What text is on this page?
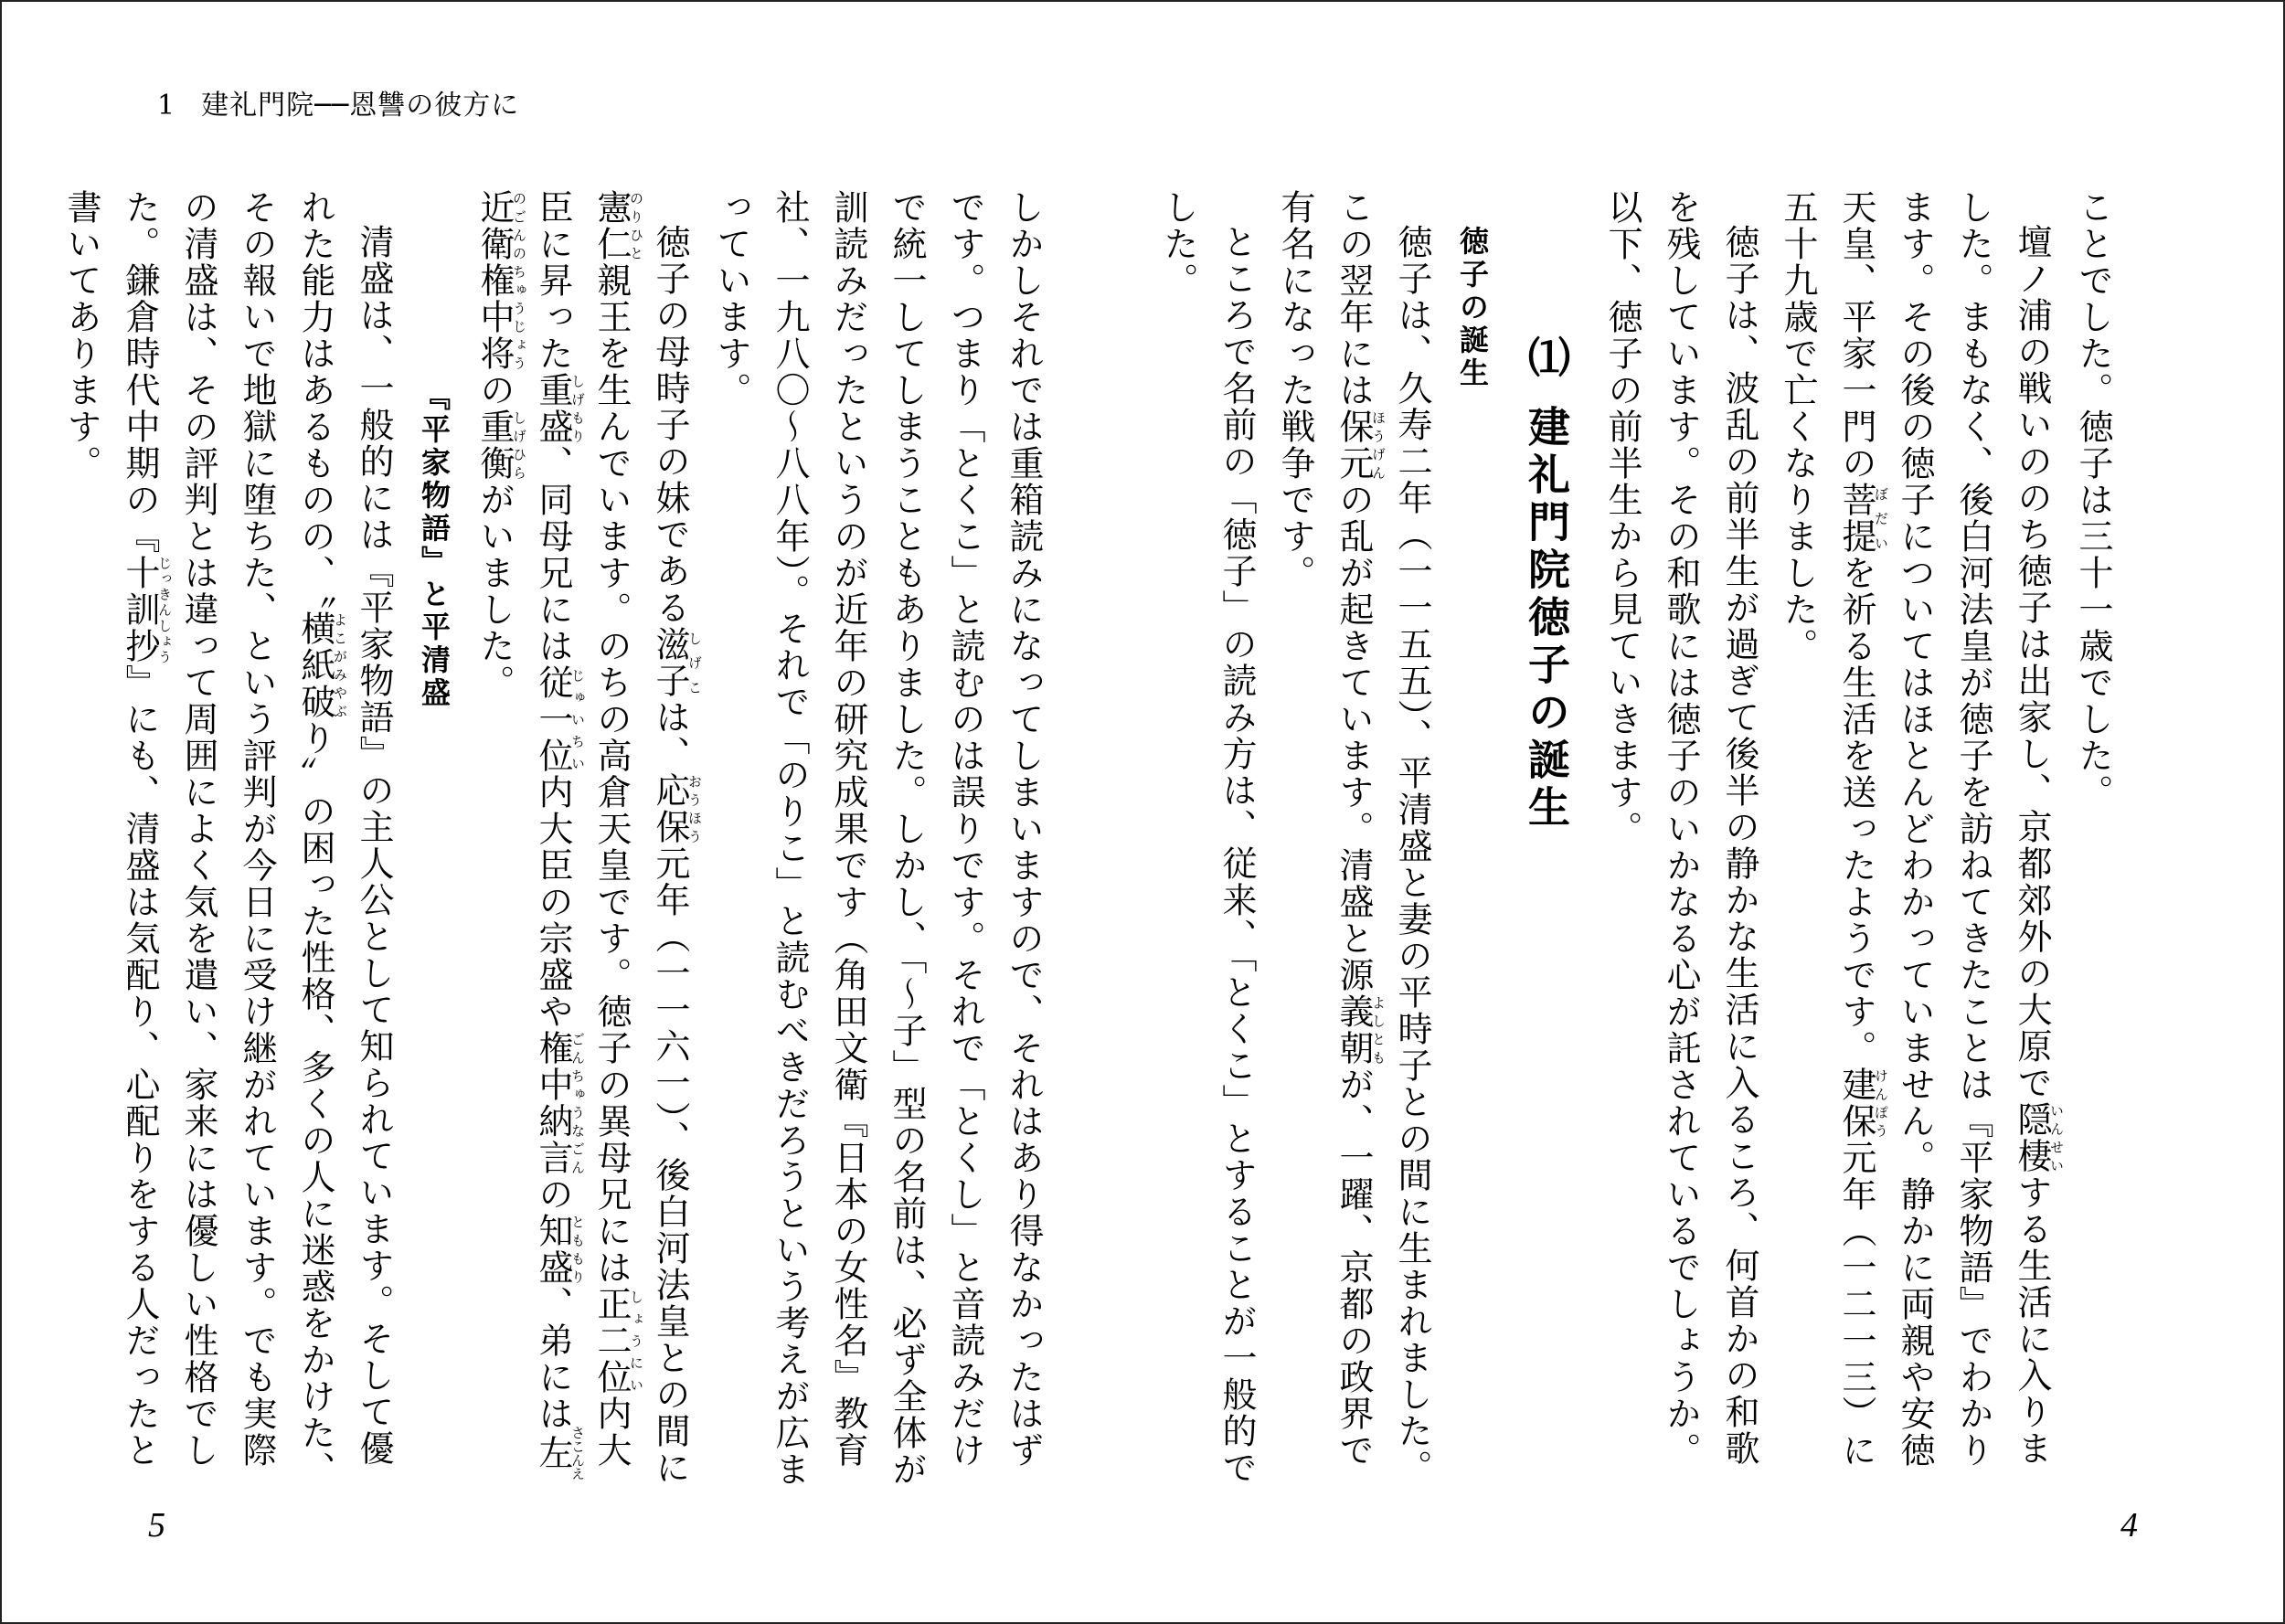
1 建礼門院──恩讐の彼方に

ことでした。徳子は三十一歳でした。

壇ノ浦の戦いののち徳子は出家し、京都郊外の大原で隠棲いんせいする生活に入りました。まもなく、後白河法皇が徳子を訪ねてきたことは『平家物語』でわかります。その後の徳子についてはほとんどわかっていません。静かに両親や安徳天皇、平家一門の菩提ぼだいを祈る生活を送ったようです。建保けんぽう元年（一二一三）に五十九歳で亡くなりました。

徳子は、波乱の前半生が過ぎて後半の静かな生活に入るころ、何首かの和歌を残しています。その和歌には徳子のいかなる心が託されているでしょうか。以下、徳子の前半生から見ていきます。

⑴建礼門院徳子の誕生
徳子の誕生

徳子は、久寿二年（一一五五）、平清盛と妻の平時子との間に生まれました。この翌年には保元ほうげんの乱が起きています。清盛と源義朝よしともが、一躍、京都の政界で有名になった戦争です。

ところで名前の「徳子」の読み方は、従来、「とくこ」とすることが一般的でした。

しかしそれでは重箱読みになってしまいますので、それはあり得なかったはずです。つまり「とくこ」と読むのは誤りです。それで「とくし」と音読みだけで統一してしまうこともありました。しかし、「〜子」型の名前は、必ず全体が訓読みだったというのが近年の研究成果です（角田文衛『日本の女性名』教育社、一九八〇〜八八年）。それで「のりこ」と読むべきだろうという考えが広まっています。

徳子の母時子の妹である滋子しげこは、応保おうほう元年（一一六一）、後白河法皇との間に憲仁のりひと親王を生んでいます。のちの高倉天皇です。徳子の異母兄には正二位しょうにい内大臣に昇った重盛しげもり、同母兄には従一位じゅいちい内大臣の宗盛や権中納言ごんちゅうなごんの知盛とももり、弟には左近衛権中将さこんえのごんのちゅうじょうの重衡しげひらがいました。

『平家物語』と平清盛

清盛は、一般的には『平家物語』の主人公として知られています。そして優れた能力はあるものの、〝横紙破よこがみやぶり〟の困った性格、多くの人に迷惑をかけた、その報いで地獄に堕ちた、という評判が今日に受け継がれています。でも実際の清盛は、その評判とは違って周囲によく気を遣い、家来には優しい性格でした。鎌倉時代中期の『十訓抄じっきんしょう』にも、清盛は気配り、心配りをする人だったと書いてあります。

5	4
